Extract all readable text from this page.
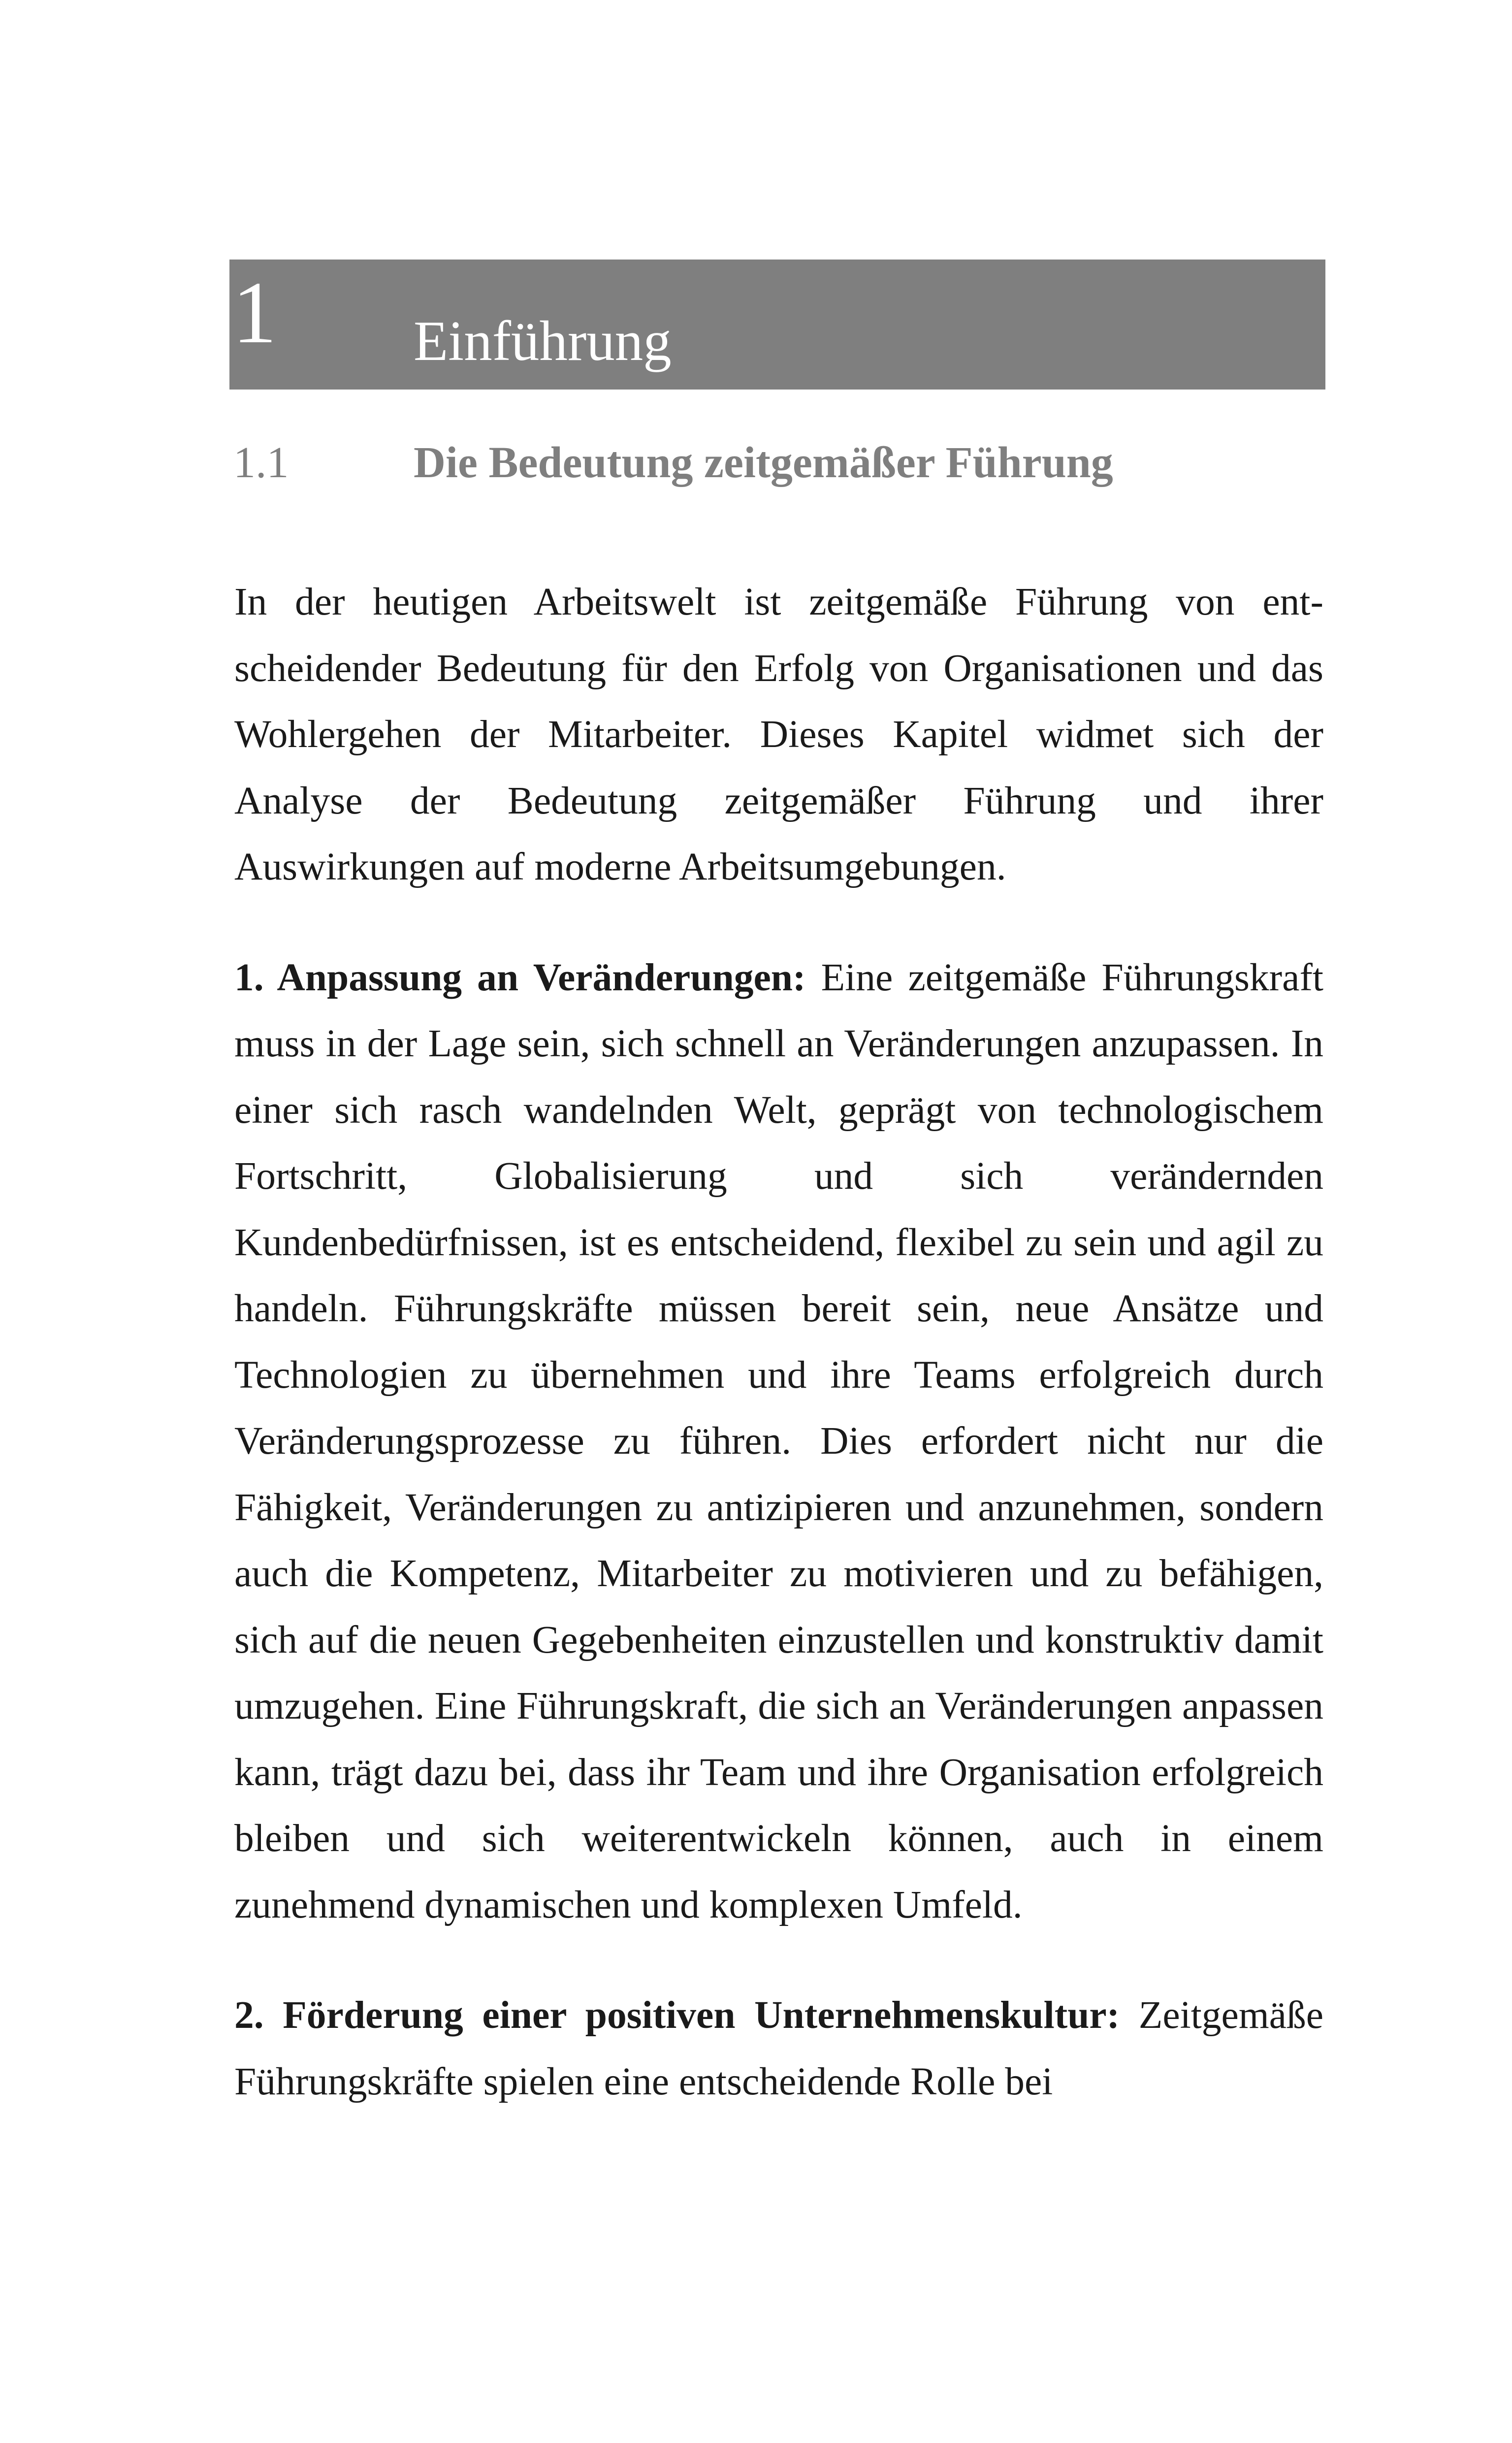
1 Einführung
1.1	Die Bedeutung zeitgemäßer Führung

In der heutigen Arbeitswelt ist zeitgemäße Führung von entscheidender Bedeutung für den Erfolg von Organisationen und das Wohlergehen der Mitarbeiter. Dieses Kapitel widmet sich der Analyse der Bedeutung zeitgemäßer Führung und ihrer Auswirkungen auf moderne Arbeitsumgebungen.

1. Anpassung an Veränderungen: Eine zeitgemäße Führungskraft muss in der Lage sein, sich schnell an Veränderungen anzupassen. In einer sich rasch wandelnden Welt, geprägt von technologischem Fortschritt, Globalisierung und sich verändernden Kundenbedürfnissen, ist es entscheidend, flexibel zu sein und agil zu handeln. Führungskräfte müssen bereit sein, neue Ansätze und Technologien zu übernehmen und ihre Teams erfolgreich durch Veränderungsprozesse zu führen. Dies erfordert nicht nur die Fähigkeit, Veränderungen zu antizipieren und anzunehmen, sondern auch die Kompetenz, Mitarbeiter zu motivieren und zu befähigen, sich auf die neuen Gegebenheiten einzustellen und konstruktiv damit umzugehen. Eine Führungskraft, die sich an Veränderungen anpassen kann, trägt dazu bei, dass ihr Team und ihre Organisation erfolgreich bleiben und sich weiterentwickeln können, auch in einem zunehmend dynamischen und komplexen Umfeld.

2. Förderung einer positiven Unternehmenskultur: Zeitgemäße Führungskräfte spielen eine entscheidende Rolle bei
